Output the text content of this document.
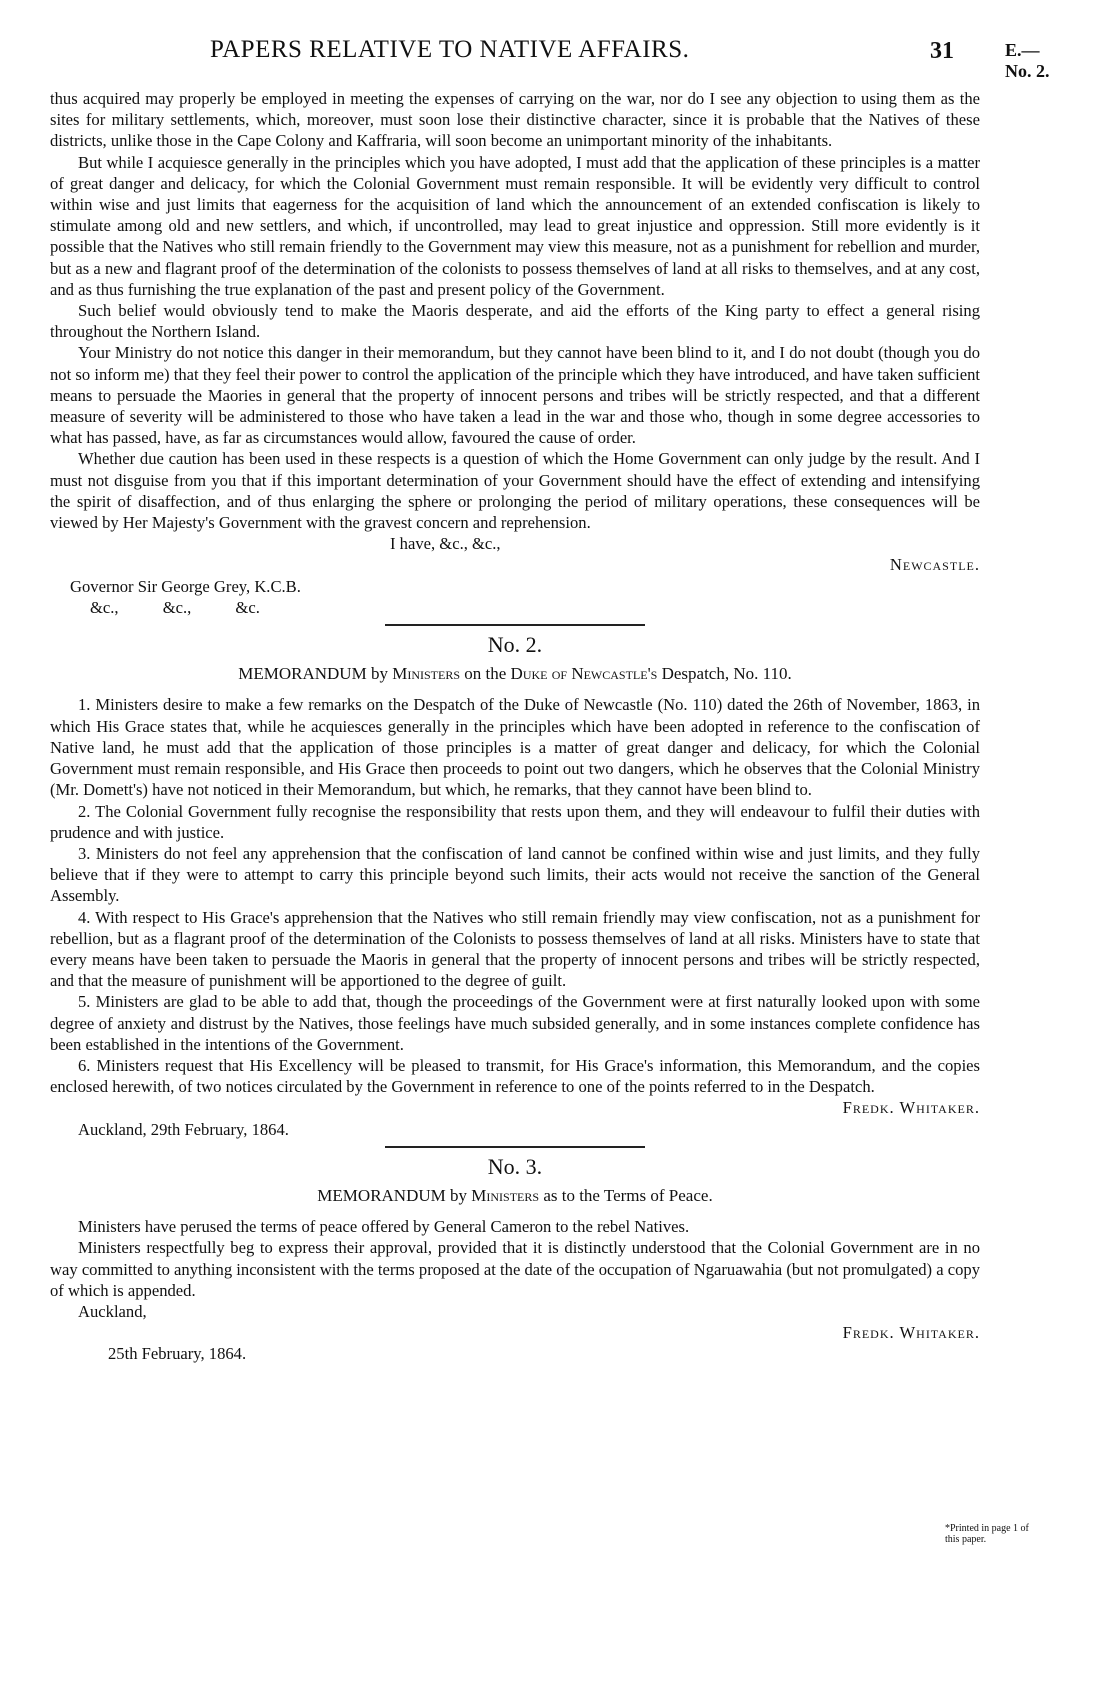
PAPERS RELATIVE TO NATIVE AFFAIRS.	31	E.—No. 2.

thus acquired may properly be employed in meeting the expenses of carrying on the war, nor do I see any objection to using them as the sites for military settlements, which, moreover, must soon lose their distinctive character, since it is probable that the Natives of these districts, unlike those in the Cape Colony and Kaffraria, will soon become an unimportant minority of the inhabitants.

But while I acquiesce generally in the principles which you have adopted, I must add that the application of these principles is a matter of great danger and delicacy, for which the Colonial Government must remain responsible. It will be evidently very difficult to control within wise and just limits that eagerness for the acquisition of land which the announcement of an extended confiscation is likely to stimulate among old and new settlers, and which, if uncontrolled, may lead to great injustice and oppression. Still more evidently is it possible that the Natives who still remain friendly to the Government may view this measure, not as a punishment for rebellion and murder, but as a new and flagrant proof of the determination of the colonists to possess themselves of land at all risks to themselves, and at any cost, and as thus furnishing the true explanation of the past and present policy of the Government.

Such belief would obviously tend to make the Maoris desperate, and aid the efforts of the King party to effect a general rising throughout the Northern Island.

Your Ministry do not notice this danger in their memorandum, but they cannot have been blind to it, and I do not doubt (though you do not so inform me) that they feel their power to control the application of the principle which they have introduced, and have taken sufficient means to persuade the Maories in general that the property of innocent persons and tribes will be strictly respected, and that a different measure of severity will be administered to those who have taken a lead in the war and those who, though in some degree accessories to what has passed, have, as far as circumstances would allow, favoured the cause of order.

Whether due caution has been used in these respects is a question of which the Home Government can only judge by the result. And I must not disguise from you that if this important determination of your Government should have the effect of extending and intensifying the spirit of disaffection, and of thus enlarging the sphere or prolonging the period of military operations, these consequences will be viewed by Her Majesty's Government with the gravest concern and reprehension.

I have, &c., &c.,

Newcastle.

Governor Sir George Grey, K.C.B.

&c., &c., &c.

No. 2.
MEMORANDUM by Ministers on the Duke of Newcastle's Despatch, No. 110.

1. Ministers desire to make a few remarks on the Despatch of the Duke of Newcastle (No. 110) dated the 26th of November, 1863, in which His Grace states that, while he acquiesces generally in the principles which have been adopted in reference to the confiscation of Native land, he must add that the application of those principles is a matter of great danger and delicacy, for which the Colonial Government must remain responsible, and His Grace then proceeds to point out two dangers, which he observes that the Colonial Ministry (Mr. Domett's) have not noticed in their Memorandum, but which, he remarks, that they cannot have been blind to.

2. The Colonial Government fully recognise the responsibility that rests upon them, and they will endeavour to fulfil their duties with prudence and with justice.

3. Ministers do not feel any apprehension that the confiscation of land cannot be confined within wise and just limits, and they fully believe that if they were to attempt to carry this principle beyond such limits, their acts would not receive the sanction of the General Assembly.

4. With respect to His Grace's apprehension that the Natives who still remain friendly may view confiscation, not as a punishment for rebellion, but as a flagrant proof of the determination of the Colonists to possess themselves of land at all risks. Ministers have to state that every means have been taken to persuade the Maoris in general that the property of innocent persons and tribes will be strictly respected, and that the measure of punishment will be apportioned to the degree of guilt.

5. Ministers are glad to be able to add that, though the proceedings of the Government were at first naturally looked upon with some degree of anxiety and distrust by the Natives, those feelings have much subsided generally, and in some instances complete confidence has been established in the intentions of the Government.

6. Ministers request that His Excellency will be pleased to transmit, for His Grace's information, this Memorandum, and the copies enclosed herewith, of two notices circulated by the Government in reference to one of the points referred to in the Despatch.

Fredk. Whitaker.

Auckland, 29th February, 1864.

No. 3.
MEMORANDUM by Ministers as to the Terms of Peace.

Ministers have perused the terms of peace offered by General Cameron to the rebel Natives.

Ministers respectfully beg to express their approval, provided that it is distinctly understood that the Colonial Government are in no way committed to anything inconsistent with the terms proposed at the date of the occupation of Ngaruawahia (but not promulgated) a copy of which is appended.

Auckland,

Fredk. Whitaker.

25th February, 1864.

*Printed in page 1 of this paper.
